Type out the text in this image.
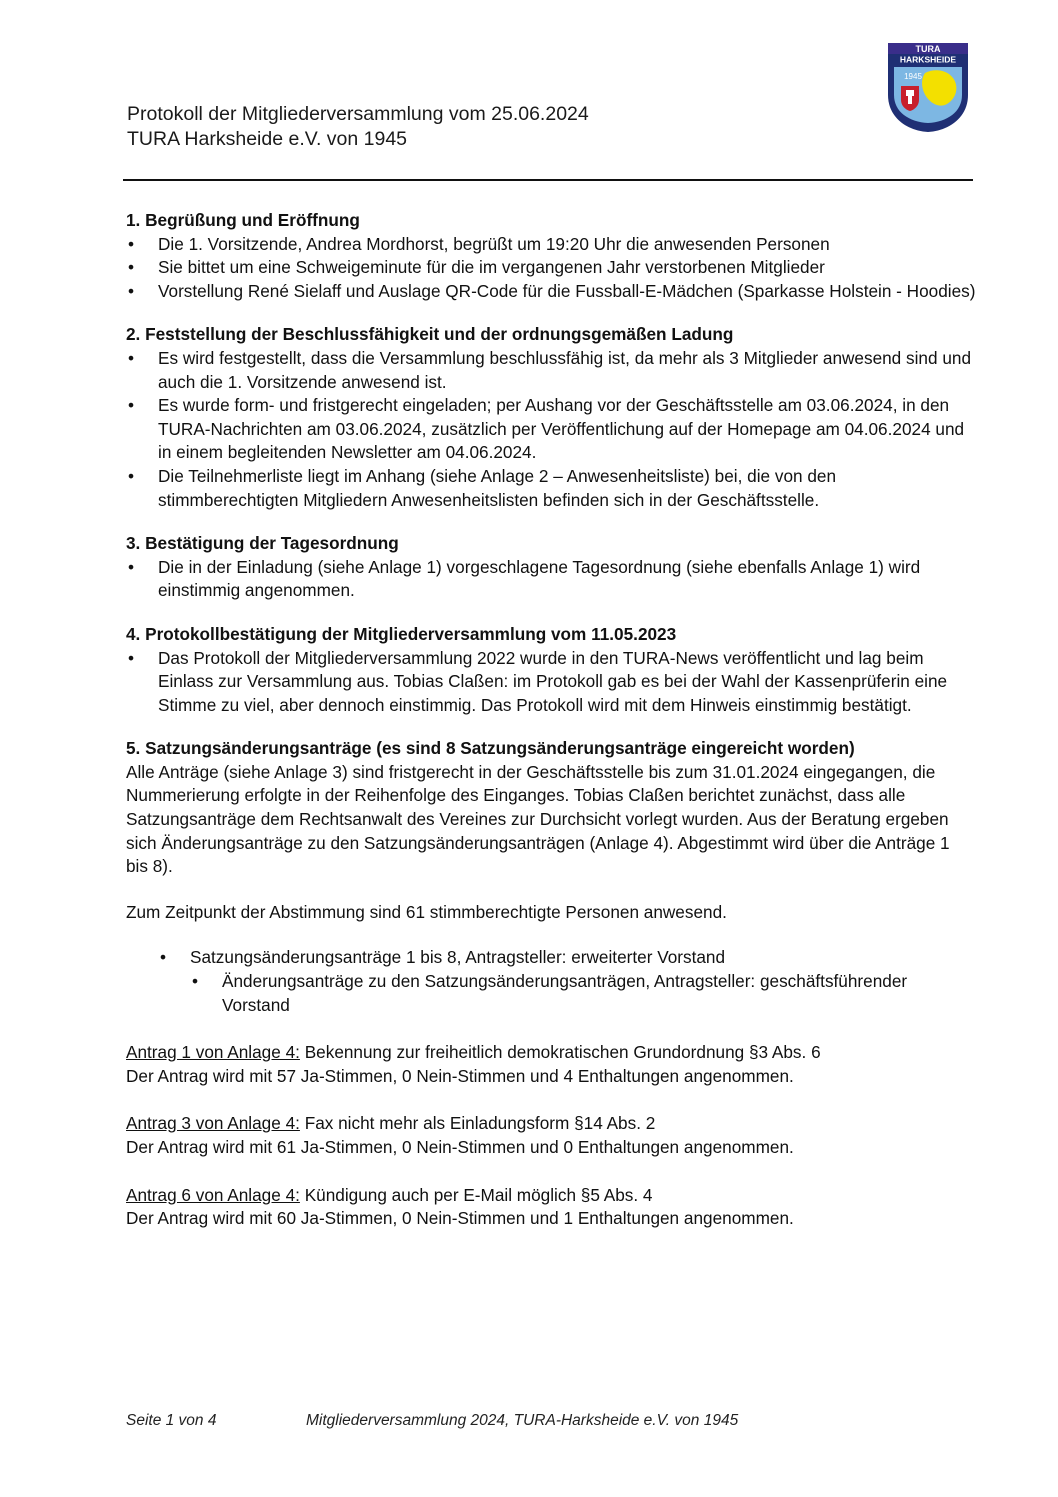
Protokoll der Mitgliederversammlung vom 25.06.2024
TURA Harksheide e.V. von 1945
TURA
HARKSHEIDE
1945
1. Begrüßung und Eröffnung
• Die 1. Vorsitzende, Andrea Mordhorst, begrüßt um 19:20 Uhr die anwesenden Personen
• Sie bittet um eine Schweigeminute für die im vergangenen Jahr verstorbenen Mitglieder
• Vorstellung René Sielaff und Auslage QR-Code für die Fussball-E-Mädchen (Sparkasse Holstein - Hoodies)
2. Feststellung der Beschlussfähigkeit und der ordnungsgemäßen Ladung
• Es wird festgestellt, dass die Versammlung beschlussfähig ist, da mehr als 3 Mitglieder anwesend sind und auch die 1. Vorsitzende anwesend ist.
• Es wurde form- und fristgerecht eingeladen; per Aushang vor der Geschäftsstelle am 03.06.2024, in den TURA-Nachrichten am 03.06.2024, zusätzlich per Veröffentlichung auf der Homepage am 04.06.2024 und in einem begleitenden Newsletter am 04.06.2024.
• Die Teilnehmerliste liegt im Anhang (siehe Anlage 2 – Anwesenheitsliste) bei, die von den stimmberechtigten Mitgliedern Anwesenheitslisten befinden sich in der Geschäftsstelle.
3. Bestätigung der Tagesordnung
• Die in der Einladung (siehe Anlage 1) vorgeschlagene Tagesordnung (siehe ebenfalls Anlage 1) wird einstimmig angenommen.
4. Protokollbestätigung der Mitgliederversammlung vom 11.05.2023
• Das Protokoll der Mitgliederversammlung 2022 wurde in den TURA-News veröffentlicht und lag beim Einlass zur Versammlung aus. Tobias Claßen: im Protokoll gab es bei der Wahl der Kassenprüferin eine Stimme zu viel, aber dennoch einstimmig. Das Protokoll wird mit dem Hinweis einstimmig bestätigt.
5. Satzungsänderungsanträge (es sind 8 Satzungsänderungsanträge eingereicht worden)

Alle Anträge (siehe Anlage 3) sind fristgerecht in der Geschäftsstelle bis zum 31.01.2024 eingegangen, die Nummerierung erfolgte in der Reihenfolge des Einganges. Tobias Claßen berichtet zunächst, dass alle Satzungsanträge dem Rechtsanwalt des Vereines zur Durchsicht vorlegt wurden. Aus der Beratung ergeben sich Änderungsanträge zu den Satzungsänderungsanträgen (Anlage 4). Abgestimmt wird über die Anträge 1 bis 8).

Zum Zeitpunkt der Abstimmung sind 61 stimmberechtigte Personen anwesend.

• Satzungsänderungsanträge 1 bis 8, Antragsteller: erweiterter Vorstand
• Änderungsanträge zu den Satzungsänderungsanträgen, Antragsteller: geschäftsführender Vorstand

Antrag 1 von Anlage 4: Bekennung zur freiheitlich demokratischen Grundordnung §3 Abs. 6

Der Antrag wird mit 57 Ja-Stimmen, 0 Nein-Stimmen und 4 Enthaltungen angenommen.

Antrag 3 von Anlage 4: Fax nicht mehr als Einladungsform §14 Abs. 2

Der Antrag wird mit 61 Ja-Stimmen, 0 Nein-Stimmen und 0 Enthaltungen angenommen.

Antrag 6 von Anlage 4: Kündigung auch per E-Mail möglich §5 Abs. 4

Der Antrag wird mit 60 Ja-Stimmen, 0 Nein-Stimmen und 1 Enthaltungen angenommen.

Seite 1 von 4	Mitgliederversammlung 2024, TURA-Harksheide e.V. von 1945
